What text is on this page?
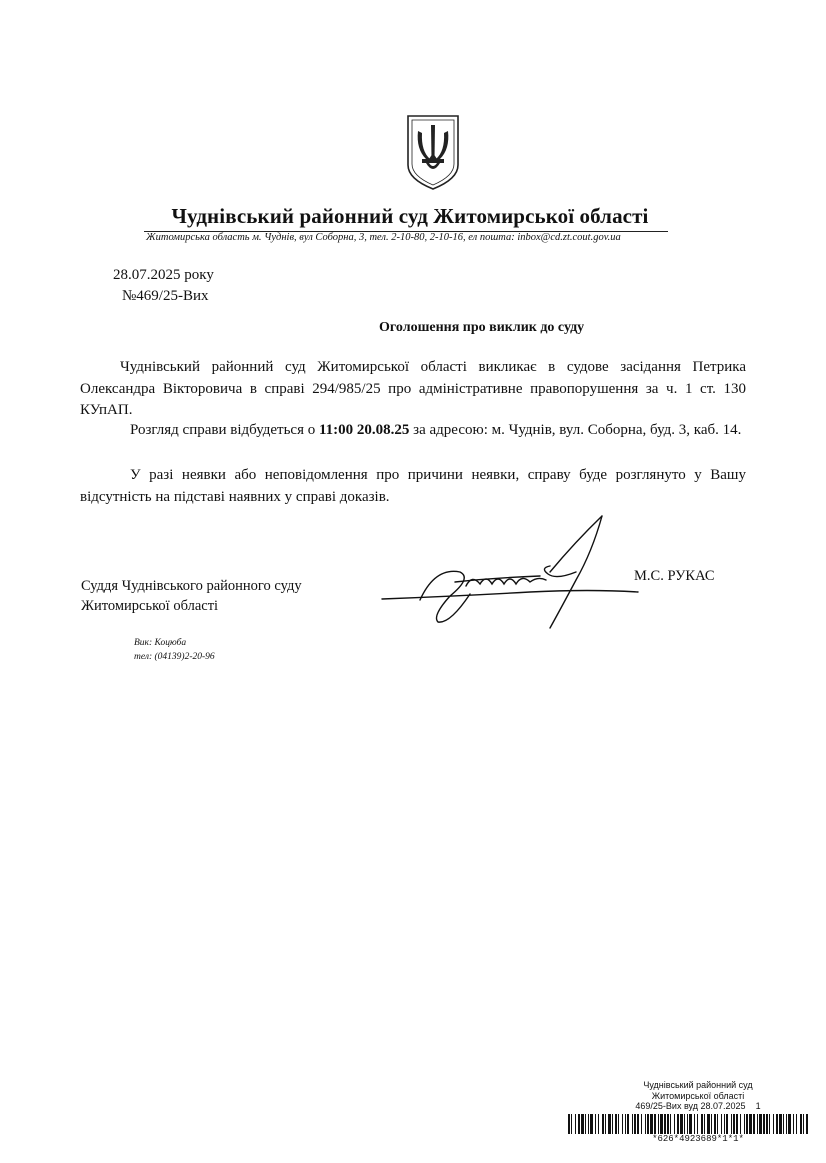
Чуднівський районний суд Житомирської області
Житомирська область м. Чуднів, вул Соборна, 3, тел. 2-10-80, 2-10-16, ел пошта: inbox@cd.zt.cout.gov.ua
28.07.2025 року
№469/25-Вих
Оголошення про виклик до суду
Чуднівський районний суд Житомирської області викликає в судове засідання Петрика Олександра Вікторовича в справі 294/985/25 про адміністративне правопорушення за ч. 1 ст. 130 КУпАП.
Розгляд справи відбудеться о 11:00 20.08.25 за адресою: м. Чуднів, вул. Соборна, буд. 3, каб. 14.
У разі неявки або неповідомлення про причини неявки, справу буде розглянуто у Вашу відсутність на підставі наявних у справі доказів.
Суддя Чуднівського районного суду
Житомирської області
М.С. РУКАС
Вик: Коцюба
тел: (04139)2-20-96
Чуднівський районний суд
Житомирської області
469/25-Вих вуд 28.07.2025 1
*626*4923689*1*1*
